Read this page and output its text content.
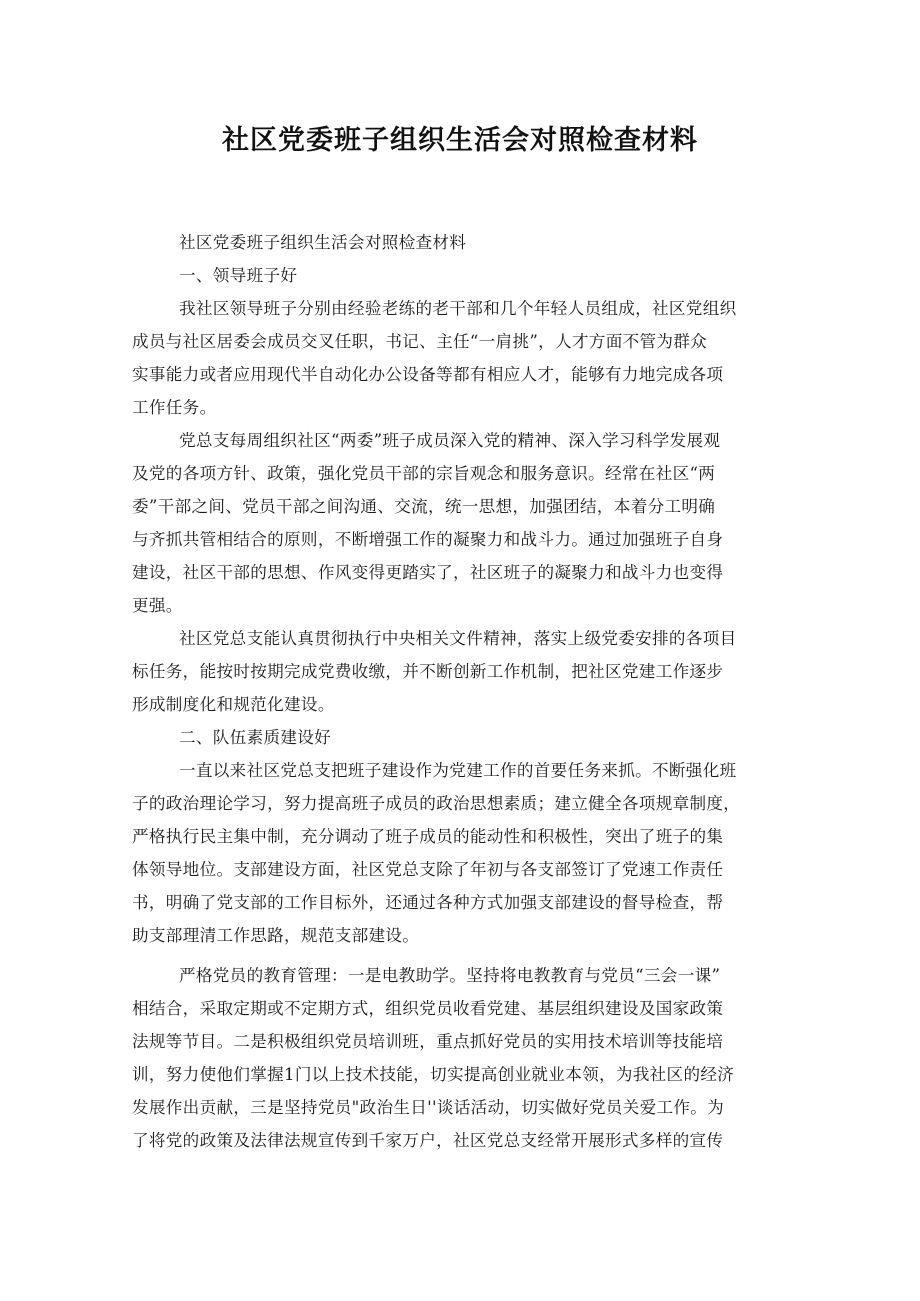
社区党委班子组织生活会对照检查材料
社区党委班子组织生活会对照检查材料
一、领导班子好
我社区领导班子分别由经验老练的老干部和几个年轻人员组成，社区党组织
成员与社区居委会成员交叉任职，书记、主任“一肩挑”，人才方面不管为群众
实事能力或者应用现代半自动化办公设备等都有相应人才，能够有力地完成各项
工作任务。
党总支每周组织社区“两委”班子成员深入党的精神、深入学习科学发展观
及党的各项方针、政策，强化党员干部的宗旨观念和服务意识。经常在社区“两
委”干部之间、党员干部之间沟通、交流，统一思想，加强团结，本着分工明确
与齐抓共管相结合的原则，不断增强工作的凝聚力和战斗力。通过加强班子自身
建设，社区干部的思想、作风变得更踏实了，社区班子的凝聚力和战斗力也变得
更强。
社区党总支能认真贯彻执行中央相关文件精神，落实上级党委安排的各项目
标任务，能按时按期完成党费收缴，并不断创新工作机制，把社区党建工作逐步
形成制度化和规范化建设。
二、队伍素质建设好
一直以来社区党总支把班子建设作为党建工作的首要任务来抓。不断强化班
子的政治理论学习，努力提高班子成员的政治思想素质；建立健全各项规章制度，
严格执行民主集中制，充分调动了班子成员的能动性和积极性，突出了班子的集
体领导地位。支部建设方面，社区党总支除了年初与各支部签订了党速工作责任
书，明确了党支部的工作目标外，还通过各种方式加强支部建设的督导检查，帮
助支部理清工作思路，规范支部建设。
严格党员的教育管理：一是电教助学。坚持将电教教育与党员“三会一课”
相结合，采取定期或不定期方式，组织党员收看党建、基层组织建设及国家政策
法规等节目。二是积极组织党员培训班，重点抓好党员的实用技术培训等技能培
训，努力使他们掌握1门以上技术技能，切实提高创业就业本领，为我社区的经济
发展作出贡献，三是坚持党员"政治生日''谈话活动，切实做好党员关爱工作。为
了将党的政策及法律法规宣传到千家万户，社区党总支经常开展形式多样的宣传
